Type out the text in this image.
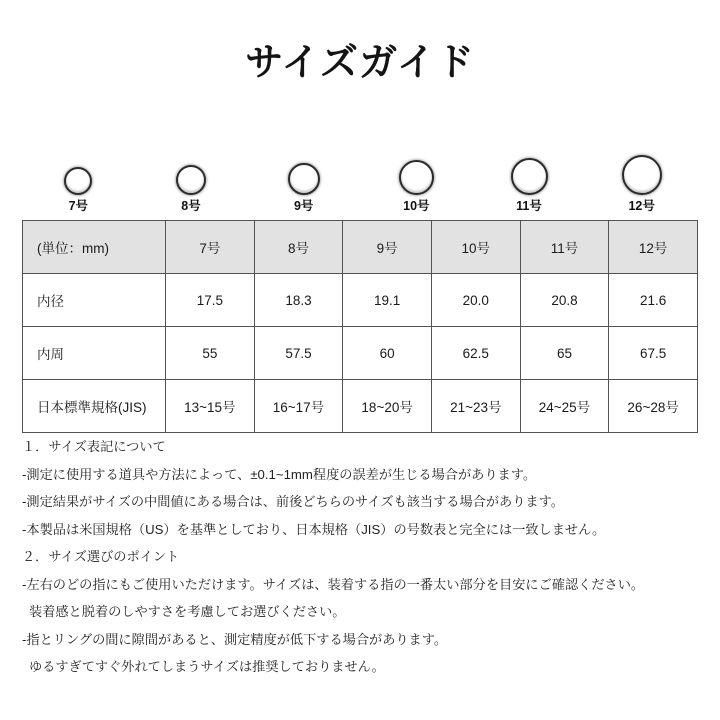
サイズガイド
7号	8号	9号	10号	11号	12号
(単位：mm)	7号	8号	9号	10号	11号	12号
内径	17.5	18.3	19.1	20.0	20.8	21.6
内周	55	57.5	60	62.5	65	67.5
日本標準規格(JIS)	13~15号	16~17号	18~20号	21~23号	24~25号	26~28号

１．サイズ表記について

-測定に使用する道具や方法によって、±0.1~1mm程度の誤差が生じる場合があります。

-測定結果がサイズの中間値にある場合は、前後どちらのサイズも該当する場合があります。

-本製品は米国規格（US）を基準としており、日本規格（JIS）の号数表と完全には一致しません。

２．サイズ選びのポイント

-左右のどの指にもご使用いただけます。サイズは、装着する指の一番太い部分を目安にご確認ください。

装着感と脱着のしやすさを考慮してお選びください。

-指とリングの間に隙間があると、測定精度が低下する場合があります。

ゆるすぎてすぐ外れてしまうサイズは推奨しておりません。
